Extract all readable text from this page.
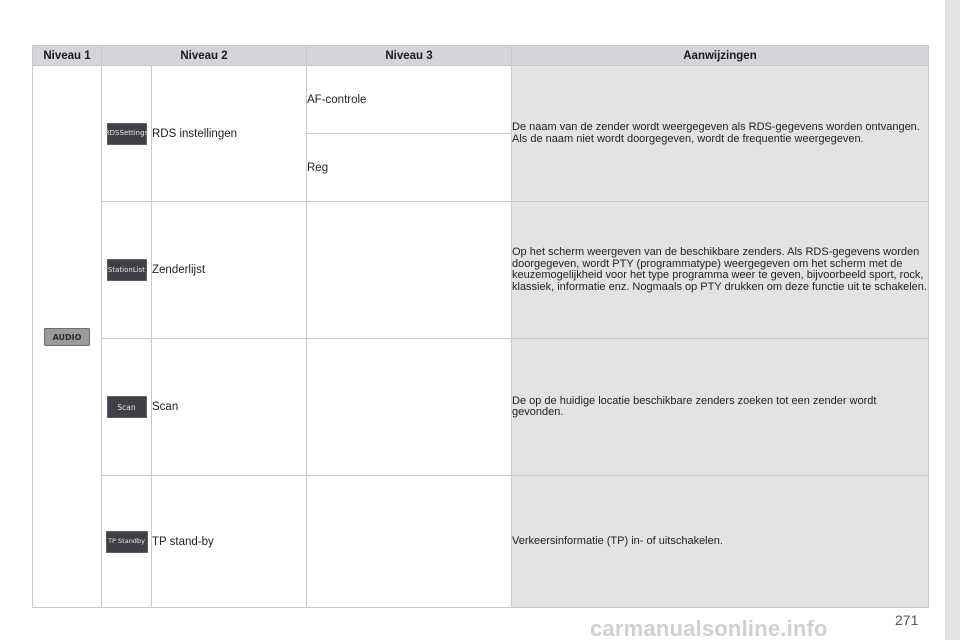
Niveau 1	Niveau 2		Niveau 3	Aanwijzingen
AUDIO	RDS Settings	RDS instellingen	AF-controle	De naam van de zender wordt weergegeven als RDS-gegevens worden ontvangen. Als de naam niet wordt doorgegeven, wordt de frequentie weergegeven.
			Reg	

	Station List	Zenderlijst		Op het scherm weergeven van de beschikbare zenders. Als RDS-gegevens worden doorgegeven, wordt PTY (programmatype) weergegeven om het scherm met de keuzemogelijkheid voor het type programma weer te geven, bijvoorbeeld sport, rock, klassiek, informatie enz. Nogmaals op PTY drukken om deze functie uit te schakelen.
	Scan	Scan		De op de huidige locatie beschikbare zenders zoeken tot een zender wordt gevonden.
	TP Standby	TP stand-by		Verkeersinformatie (TP) in- of uitschakelen.
carmanualsonline.info	271
